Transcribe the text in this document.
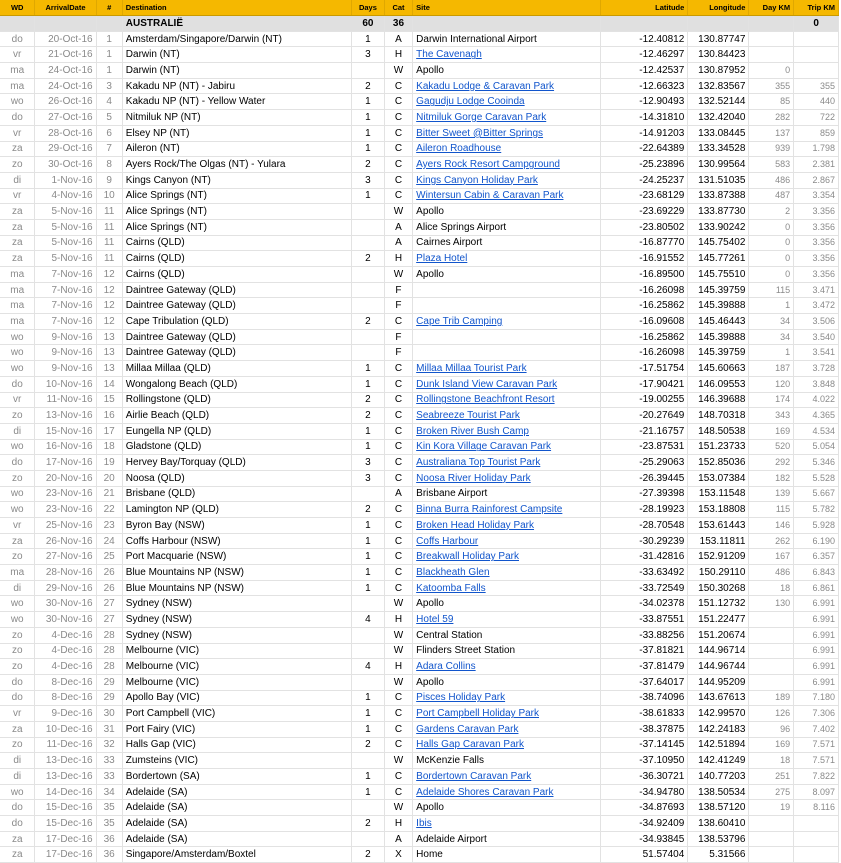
WD	ArrivalDate	#	Destination	Days	Cat	Site	Latitude	Longitude	Day KM	Trip KM
			AUSTRALIË	60	36					0
do	20-Oct-16	1	Amsterdam/Singapore/Darwin (NT)	1	A	Darwin International Airport	-12.40812	130.87747		
vr	21-Oct-16	1	Darwin (NT)	3	H	The Cavenagh	-12.46297	130.84423		
ma	24-Oct-16	1	Darwin (NT)		W	Apollo	-12.42537	130.87952	0	
ma	24-Oct-16	3	Kakadu NP (NT) - Jabiru	2	C	Kakadu Lodge & Caravan Park	-12.66323	132.83567	355	355
wo	26-Oct-16	4	Kakadu NP (NT) - Yellow Water	1	C	Gagudju Lodge Cooinda	-12.90493	132.52144	85	440
do	27-Oct-16	5	Nitmiluk NP (NT)	1	C	Nitmiluk Gorge Caravan Park	-14.31810	132.42040	282	722
vr	28-Oct-16	6	Elsey NP (NT)	1	C	Bitter Sweet @Bitter Springs	-14.91203	133.08445	137	859
za	29-Oct-16	7	Aileron (NT)	1	C	Aileron Roadhouse	-22.64389	133.34528	939	1.798
zo	30-Oct-16	8	Ayers Rock/The Olgas (NT) - Yulara	2	C	Ayers Rock Resort Campground	-25.23896	130.99564	583	2.381
di	1-Nov-16	9	Kings Canyon (NT)	3	C	Kings Canyon Holiday Park	-24.25237	131.51035	486	2.867
vr	4-Nov-16	10	Alice Springs (NT)	1	C	Wintersun Cabin & Caravan Park	-23.68129	133.87388	487	3.354
za	5-Nov-16	11	Alice Springs (NT)		W	Apollo	-23.69229	133.87730	2	3.356
za	5-Nov-16	11	Alice Springs (NT)		A	Alice Springs Airport	-23.80502	133.90242	0	3.356
za	5-Nov-16	11	Cairns (QLD)		A	Cairnes Airport	-16.87770	145.75402	0	3.356
za	5-Nov-16	11	Cairns (QLD)	2	H	Plaza Hotel	-16.91552	145.77261	0	3.356
ma	7-Nov-16	12	Cairns (QLD)		W	Apollo	-16.89500	145.75510	0	3.356
ma	7-Nov-16	12	Daintree Gateway (QLD)		F		-16.26098	145.39759	115	3.471
ma	7-Nov-16	12	Daintree Gateway (QLD)		F		-16.25862	145.39888	1	3.472
ma	7-Nov-16	12	Cape Tribulation (QLD)	2	C	Cape Trib Camping	-16.09608	145.46443	34	3.506
wo	9-Nov-16	13	Daintree Gateway (QLD)		F		-16.25862	145.39888	34	3.540
wo	9-Nov-16	13	Daintree Gateway (QLD)		F		-16.26098	145.39759	1	3.541
wo	9-Nov-16	13	Millaa Millaa (QLD)	1	C	Millaa Millaa Tourist Park	-17.51754	145.60663	187	3.728
do	10-Nov-16	14	Wongalong Beach (QLD)	1	C	Dunk Island View Caravan Park	-17.90421	146.09553	120	3.848
vr	11-Nov-16	15	Rollingstone (QLD)	2	C	Rollingstone Beachfront Resort	-19.00255	146.39688	174	4.022
zo	13-Nov-16	16	Airlie Beach (QLD)	2	C	Seabreeze Tourist Park	-20.27649	148.70318	343	4.365
di	15-Nov-16	17	Eungella NP (QLD)	1	C	Broken River Bush Camp	-21.16757	148.50538	169	4.534
wo	16-Nov-16	18	Gladstone (QLD)	1	C	Kin Kora Village Caravan Park	-23.87531	151.23733	520	5.054
do	17-Nov-16	19	Hervey Bay/Torquay (QLD)	3	C	Australiana Top Tourist Park	-25.29063	152.85036	292	5.346
zo	20-Nov-16	20	Noosa (QLD)	3	C	Noosa River Holiday Park	-26.39445	153.07384	182	5.528
wo	23-Nov-16	21	Brisbane (QLD)		A	Brisbane Airport	-27.39398	153.11548	139	5.667
wo	23-Nov-16	22	Lamington NP (QLD)	2	C	Binna Burra Rainforest Campsite	-28.19923	153.18808	115	5.782
vr	25-Nov-16	23	Byron Bay (NSW)	1	C	Broken Head Holiday Park	-28.70548	153.61443	146	5.928
za	26-Nov-16	24	Coffs Harbour (NSW)	1	C	Coffs Harbour	-30.29239	153.11811	262	6.190
zo	27-Nov-16	25	Port Macquarie (NSW)	1	C	Breakwall Holiday Park	-31.42816	152.91209	167	6.357
ma	28-Nov-16	26	Blue Mountains NP (NSW)	1	C	Blackheath Glen	-33.63492	150.29110	486	6.843
di	29-Nov-16	26	Blue Mountains NP (NSW)	1	C	Katoomba Falls	-33.72549	150.30268	18	6.861
wo	30-Nov-16	27	Sydney (NSW)		W	Apollo	-34.02378	151.12732	130	6.991
wo	30-Nov-16	27	Sydney (NSW)	4	H	Hotel 59	-33.87551	151.22477		6.991
zo	4-Dec-16	28	Sydney (NSW)		W	Central Station	-33.88256	151.20674		6.991
zo	4-Dec-16	28	Melbourne (VIC)		W	Flinders Street Station	-37.81821	144.96714		6.991
zo	4-Dec-16	28	Melbourne (VIC)	4	H	Adara Collins	-37.81479	144.96744		6.991
do	8-Dec-16	29	Melbourne (VIC)		W	Apollo	-37.64017	144.95209		6.991
do	8-Dec-16	29	Apollo Bay (VIC)	1	C	Pisces Holiday Park	-38.74096	143.67613	189	7.180
vr	9-Dec-16	30	Port Campbell (VIC)	1	C	Port Campbell Holiday Park	-38.61833	142.99570	126	7.306
za	10-Dec-16	31	Port Fairy (VIC)	1	C	Gardens Caravan Park	-38.37875	142.24183	96	7.402
zo	11-Dec-16	32	Halls Gap (VIC)	2	C	Halls Gap Caravan Park	-37.14145	142.51894	169	7.571
di	13-Dec-16	33	Zumsteins (VIC)		W	McKenzie Falls	-37.10950	142.41249	18	7.571
di	13-Dec-16	33	Bordertown (SA)	1	C	Bordertown Caravan Park	-36.30721	140.77203	251	7.822
wo	14-Dec-16	34	Adelaide (SA)	1	C	Adelaide Shores Caravan Park	-34.94780	138.50534	275	8.097
do	15-Dec-16	35	Adelaide (SA)		W	Apollo	-34.87693	138.57120	19	8.116
do	15-Dec-16	35	Adelaide (SA)	2	H	Ibis	-34.92409	138.60410		
za	17-Dec-16	36	Adelaide (SA)		A	Adelaide Airport	-34.93845	138.53796		
za	17-Dec-16	36	Singapore/Amsterdam/Boxtel	2	X	Home	51.57404	5.31566		
